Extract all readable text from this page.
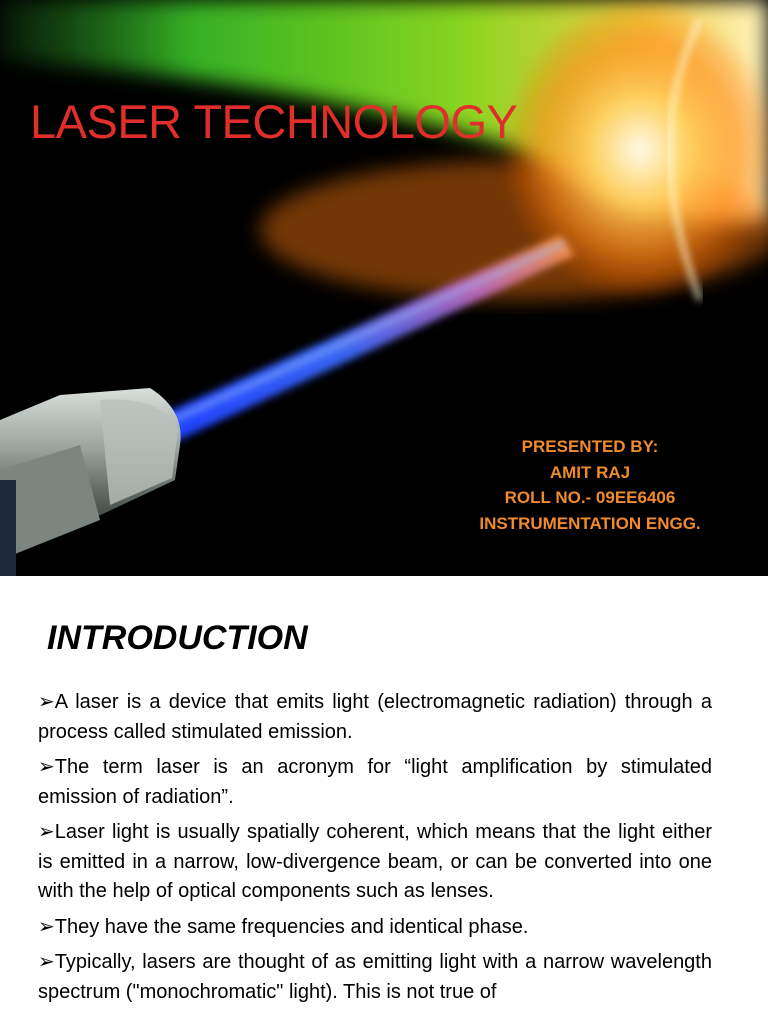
LASER TECHNOLOGY
PRESENTED BY:
AMIT RAJ
ROLL NO.- 09EE6406
INSTRUMENTATION ENGG.
INTRODUCTION
➢A laser is a device that emits light (electromagnetic radiation) through a process called stimulated emission.
➢The term laser is an acronym for “light amplification by stimulated emission of radiation”.
➢Laser light is usually spatially coherent, which means that the light either is emitted in a narrow, low-divergence beam, or can be converted into one with the help of optical components such as lenses.
➢They have the same frequencies and identical phase.
➢Typically, lasers are thought of as emitting light with a narrow wavelength spectrum ("monochromatic" light). This is not true of
